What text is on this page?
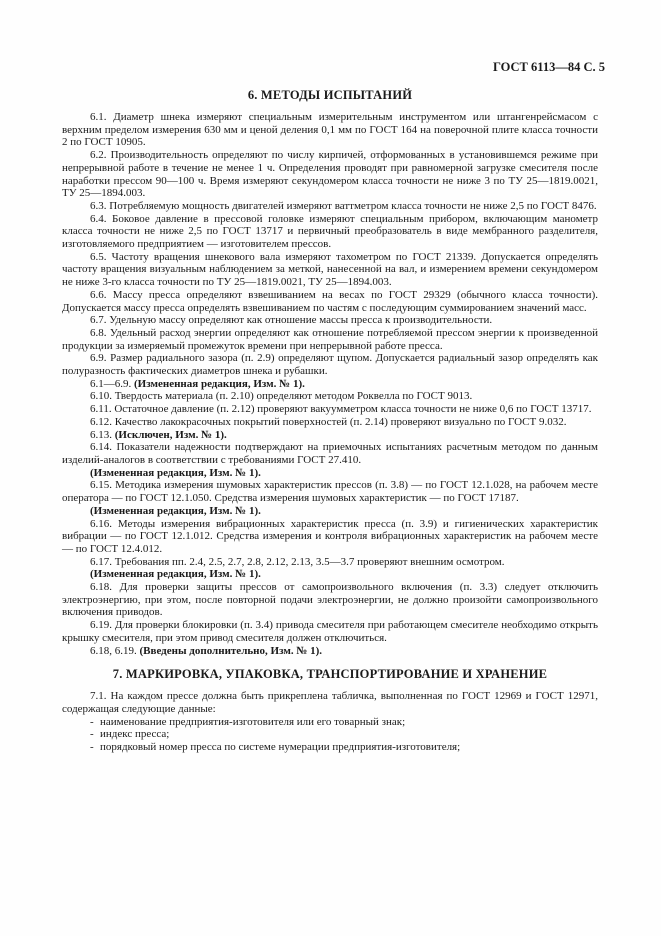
ГОСТ 6113—84 С. 5
6. МЕТОДЫ ИСПЫТАНИЙ

6.1. Диаметр шнека измеряют специальным измерительным инструментом или штангенрейсмасом с верхним пределом измерения 630 мм и ценой деления 0,1 мм по ГОСТ 164 на поверочной плите класса точности 2 по ГОСТ 10905.

6.2. Производительность определяют по числу кирпичей, отформованных в установившемся режиме при непрерывной работе в течение не менее 1 ч. Определения проводят при равномерной загрузке смесителя после наработки прессом 90—100 ч. Время измеряют секундомером класса точности не ниже 3 по ТУ 25—1819.0021, ТУ 25—1894.003.

6.3. Потребляемую мощность двигателей измеряют ваттметром класса точности не ниже 2,5 по ГОСТ 8476.

6.4. Боковое давление в прессовой головке измеряют специальным прибором, включающим манометр класса точности не ниже 2,5 по ГОСТ 13717 и первичный преобразователь в виде мембранного разделителя, изготовляемого предприятием — изготовителем прессов.

6.5. Частоту вращения шнекового вала измеряют тахометром по ГОСТ 21339. Допускается определять частоту вращения визуальным наблюдением за меткой, нанесенной на вал, и измерением времени секундомером не ниже 3-го класса точности по ТУ 25—1819.0021, ТУ 25—1894.003.

6.6. Массу пресса определяют взвешиванием на весах по ГОСТ 29329 (обычного класса точности). Допускается массу пресса определять взвешиванием по частям с последующим суммированием значений масс.

6.7. Удельную массу определяют как отношение массы пресса к производительности.

6.8. Удельный расход энергии определяют как отношение потребляемой прессом энергии к произведенной продукции за измеряемый промежуток времени при непрерывной работе пресса.

6.9. Размер радиального зазора (п. 2.9) определяют щупом. Допускается радиальный зазор определять как полуразность фактических диаметров шнека и рубашки.

6.1—6.9. (Измененная редакция, Изм. № 1).

6.10. Твердость материала (п. 2.10) определяют методом Роквелла по ГОСТ 9013.

6.11. Остаточное давление (п. 2.12) проверяют вакуумметром класса точности не ниже 0,6 по ГОСТ 13717.

6.12. Качество лакокрасочных покрытий поверхностей (п. 2.14) проверяют визуально по ГОСТ 9.032.

6.13. (Исключен, Изм. № 1).

6.14. Показатели надежности подтверждают на приемочных испытаниях расчетным методом по данным изделий-аналогов в соответствии с требованиями ГОСТ 27.410.

(Измененная редакция, Изм. № 1).

6.15. Методика измерения шумовых характеристик прессов (п. 3.8) — по ГОСТ 12.1.028, на рабочем месте оператора — по ГОСТ 12.1.050. Средства измерения шумовых характеристик — по ГОСТ 17187.

(Измененная редакция, Изм. № 1).

6.16. Методы измерения вибрационных характеристик пресса (п. 3.9) и гигиенических характеристик вибрации — по ГОСТ 12.1.012. Средства измерения и контроля вибрационных характеристик на рабочем месте — по ГОСТ 12.4.012.

6.17. Требования пп. 2.4, 2.5, 2.7, 2.8, 2.12, 2.13, 3.5—3.7 проверяют внешним осмотром.

(Измененная редакция, Изм. № 1).

6.18. Для проверки защиты прессов от самопроизвольного включения (п. 3.3) следует отключить электроэнергию, при этом, после повторной подачи электроэнергии, не должно произойти самопроизвольного включения приводов.

6.19. Для проверки блокировки (п. 3.4) привода смесителя при работающем смесителе необходимо открыть крышку смесителя, при этом привод смесителя должен отключиться.

6.18, 6.19. (Введены дополнительно, Изм. № 1).

7. МАРКИРОВКА, УПАКОВКА, ТРАНСПОРТИРОВАНИЕ И ХРАНЕНИЕ

7.1. На каждом прессе должна быть прикреплена табличка, выполненная по ГОСТ 12969 и ГОСТ 12971, содержащая следующие данные:

- наименование предприятия-изготовителя или его товарный знак;
- индекс пресса;
- порядковый номер пресса по системе нумерации предприятия-изготовителя;
